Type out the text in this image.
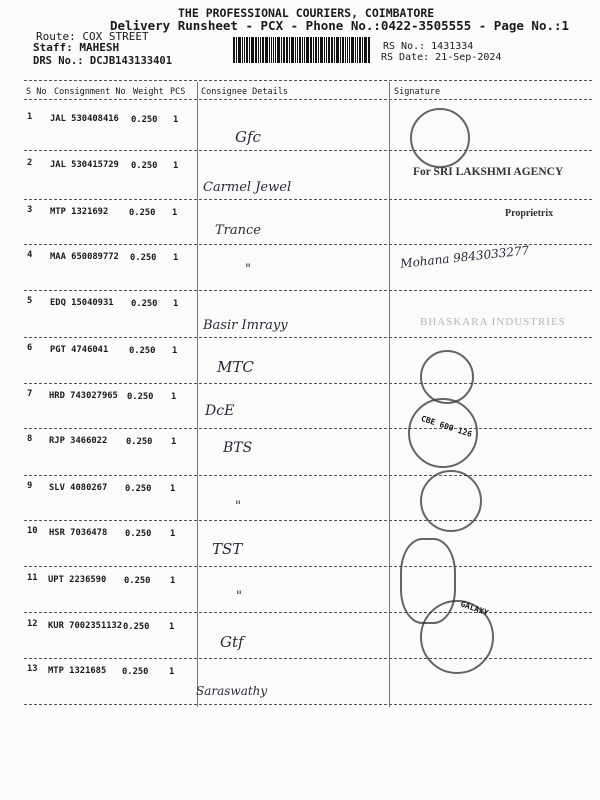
THE PROFESSIONAL COURIERS, COIMBATORE
Delivery Runsheet - PCX - Phone No.:0422-3505555 - Page No.:1
Route: COX STREET
Staff: MAHESH
DRS No.: DCJB143133401
RS No.: 1431334
RS Date: 21-Sep-2024
S No Consignment No Weight PCS Consignee Details	Signature
1 JAL 530408416 0.250 1
Gfc
2 JAL 530415729 0.250 1
Carmel Jewel
3 MTP 1321692 0.250 1
Trance
4 MAA 650089772 0.250 1
"
5 EDQ 15040931 0.250 1
Basir Imrayy
6 PGT 4746041 0.250 1
MTC
7 HRD 743027965 0.250 1
DcE
8 RJP 3466022 0.250 1	BTS
9 SLV 4080267 0.250 1
"
10 HSR 7036478 0.250 1
TST
11 UPT 2236590 0.250 1
"
12 KUR 7002351132 0.250 1
Gtf
13 MTP 1321685 0.250 1
Saraswathy
For SRI LAKSHMI AGENCY
Proprietrix
Mohana 9843033277
BHASKARA INDUSTRIES
CBE 600 126
GALAXY
